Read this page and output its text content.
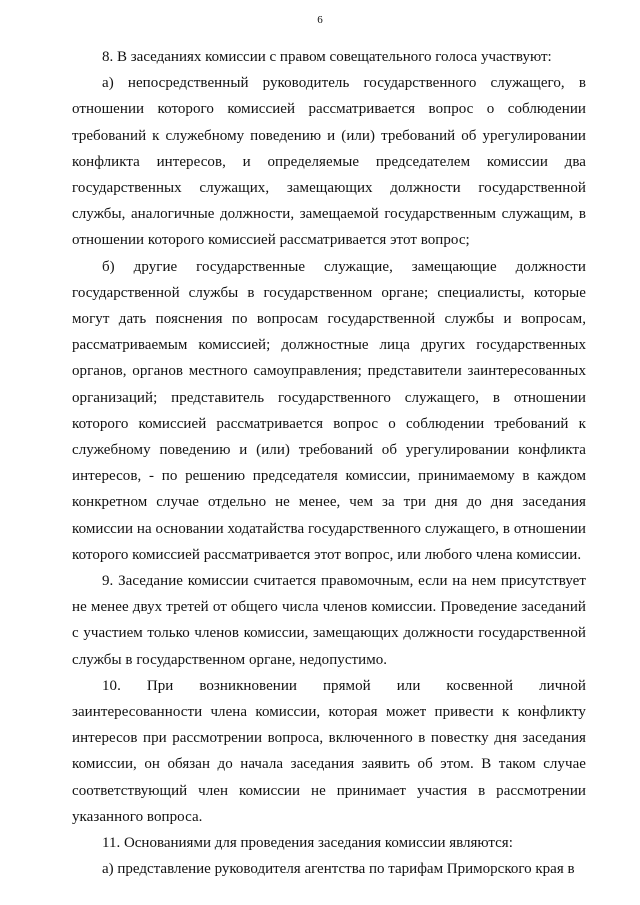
6

8. В заседаниях комиссии с правом совещательного голоса участвуют:

а) непосредственный руководитель государственного служащего, в отношении которого комиссией рассматривается вопрос о соблюдении требований к служебному поведению и (или) требований об урегулировании конфликта интересов, и определяемые председателем комиссии два государственных служащих, замещающих должности государственной службы, аналогичные должности, замещаемой государственным служащим, в отношении которого комиссией рассматривается этот вопрос;

б) другие государственные служащие, замещающие должности государственной службы в государственном органе; специалисты, которые могут дать пояснения по вопросам государственной службы и вопросам, рассматриваемым комиссией; должностные лица других государственных органов, органов местного самоуправления; представители заинтересованных организаций; представитель государственного служащего, в отношении которого комиссией рассматривается вопрос о соблюдении требований к служебному поведению и (или) требований об урегулировании конфликта интересов, - по решению председателя комиссии, принимаемому в каждом конкретном случае отдельно не менее, чем за три дня до дня заседания комиссии на основании ходатайства государственного служащего, в отношении которого комиссией рассматривается этот вопрос, или любого члена комиссии.

9. Заседание комиссии считается правомочным, если на нем присутствует не менее двух третей от общего числа членов комиссии. Проведение заседаний с участием только членов комиссии, замещающих должности государственной службы в государственном органе, недопустимо.

10. При возникновении прямой или косвенной личной заинтересованности члена комиссии, которая может привести к конфликту интересов при рассмотрении вопроса, включенного в повестку дня заседания комиссии, он обязан до начала заседания заявить об этом. В таком случае соответствующий член комиссии не принимает участия в рассмотрении указанного вопроса.

11. Основаниями для проведения заседания комиссии являются:

а) представление руководителя агентства по тарифам Приморского края в
